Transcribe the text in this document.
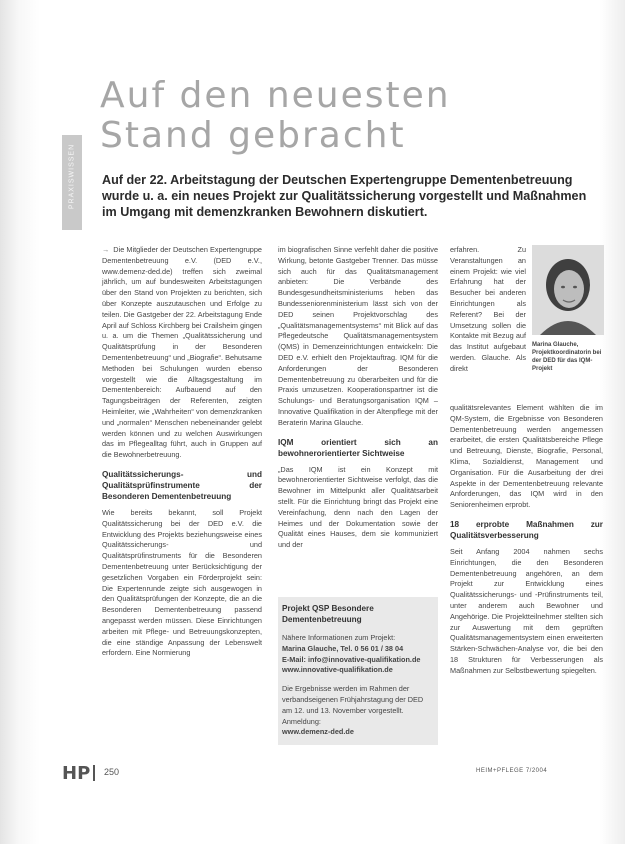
PRAXISWISSEN
Auf den neuesten
Stand gebracht
Auf der 22. Arbeitstagung der Deutschen Expertengruppe Dementenbetreuung wurde u. a. ein neues Projekt zur Qualitätssicherung vorgestellt und Maßnahmen im Umgang mit demenzkranken Bewohnern diskutiert.

→ Die Mitglieder der Deutschen Expertengruppe Dementenbetreuung e.V. (DED e.V., www.demenz-ded.de) treffen sich zweimal jährlich, um auf bundesweiten Arbeitstagungen über den Stand von Projekten zu berichten, sich über Konzepte auszutauschen und Erfolge zu teilen. Die Gastgeber der 22. Arbeitstagung Ende April auf Schloss Kirchberg bei Crailsheim gingen u. a. um die Themen „Qualitätssicherung und Qualitätsprüfung in der Besonderen Dementenbetreuung“ und „Biografie“. Behutsame Methoden bei Schulungen wurden ebenso vorgestellt wie die Alltagsgestaltung im Dementenbereich: Aufbauend auf den Tagungsbeiträgen der Referenten, zeigten Heimleiter, wie „Wahrheiten“ von demenzkranken und „normalen“ Menschen nebeneinander gelebt werden können und zu welchen Auswirkungen das im Pflegealltag führt, auch in Gruppen auf die Bewohnerbetreuung.

Qualitätssicherungs- und Qualitätsprüfinstrumente der Besonderen Dementenbetreuung

Wie bereits bekannt, soll Projekt Qualitätssicherung bei der DED e.V. die Entwicklung des Projekts beziehungsweise eines Qualitätssicherungs- und Qualitätsprüfinstruments für die Besonderen Dementenbetreuung unter Berücksichtigung der gesetzlichen Vorgaben ein Förderprojekt sein: Die Expertenrunde zeigte sich ausgewogen in den Qualitätsprüfungen der Konzepte, die an die Besonderen Dementenbetreuung passend angepasst werden müssen. Diese Einrichtungen arbeiten mit Pflege- und Betreuungskonzepten, die eine ständige Anpassung der Lebenswelt erfordern. Eine Normierung

im biografischen Sinne verfehlt daher die positive Wirkung, betonte Gastgeber Trenner. Das müsse sich auch für das Qualitätsmanagement anbieten: Die Verbände des Bundesgesundheitsministeriums heben das Bundesseniorenministerium lässt sich von der DED seinen Projektvorschlag des „Qualitätsmanagementsystems“ mit Blick auf das Pflegedeutsche Qualitätsmanagementsystem (QMS) in Demenzeinrichtungen entwickeln: Die DED e.V. erhielt den Projektauftrag. IQM für die Anforderungen der Besonderen Dementenbetreuung zu überarbeiten und für die Praxis umzusetzen. Kooperationspartner ist die Schulungs- und Beratungsorganisation IQM – Innovative Qualifikation in der Altenpflege mit der Beraterin Marina Glauche.

IQM orientiert sich an bewohnerorientierter Sichtweise

„Das IQM ist ein Konzept mit bewohnerorientierter Sichtweise verfolgt, das die Bewohner im Mittelpunkt aller Qualitätsarbeit stellt. Für die Einrichtung bringt das Projekt eine Vereinfachung, denn nach den Lagen der Heimes und der Dokumentation sowie der Qualität eines Hauses, dem sie kommuniziert und der

Projekt QSP Besondere Dementenbetreuung

Nähere Informationen zum Projekt:

Marina Glauche, Tel. 0 56 01 / 38 04

E-Mail: info@innovative-qualifikation.de

www.innovative-qualifikation.de

Die Ergebnisse werden im Rahmen der verbandseigenen Frühjahrstagung der DED am 12. und 13. November vorgestellt. Anmeldung:

www.demenz-ded.de

erfahren. Zu Veranstaltungen an einem Projekt: wie viel Erfahrung hat der Besucher bei anderen Einrichtungen als Referent? Bei der Umsetzung sollen die Kontakte mit Bezug auf das Institut aufgebaut werden. Glauche. Als direkt

Marina Glauche, Projektkoordinatorin bei der DED für das IQM-Projekt

qualitätsrelevantes Element wählten die im QM-System, die Ergebnisse von Besonderen Dementenbetreuung werden angemessen erarbeitet, die ersten Qualitätsbereiche Pflege und Betreuung, Dienste, Biografie, Personal, Klima, Sozialdienst, Management und Organisation. Für die Ausarbeitung der drei Aspekte in der Dementenbetreuung relevante Anforderungen, das IQM wird in den Seniorenheimen erprobt.

18 erprobte Maßnahmen zur Qualitätsverbesserung

Seit Anfang 2004 nahmen sechs Einrichtungen, die den Besonderen Dementenbetreuung angehören, an dem Projekt zur Entwicklung eines Qualitätssicherungs- und -Prüfinstruments teil, unter anderem auch Bewohner und Angehörige. Die Projektteilnehmer stellten sich zur Auswertung mit dem geprüften Qualitätsmanagementsystem einen erweiterten Stärken-Schwächen-Analyse vor, die bei den 18 Strukturen für Verbesserungen als Maßnahmen zur Selbstbewertung spiegelten.

HP	250	HEIM+PFLEGE 7/2004
